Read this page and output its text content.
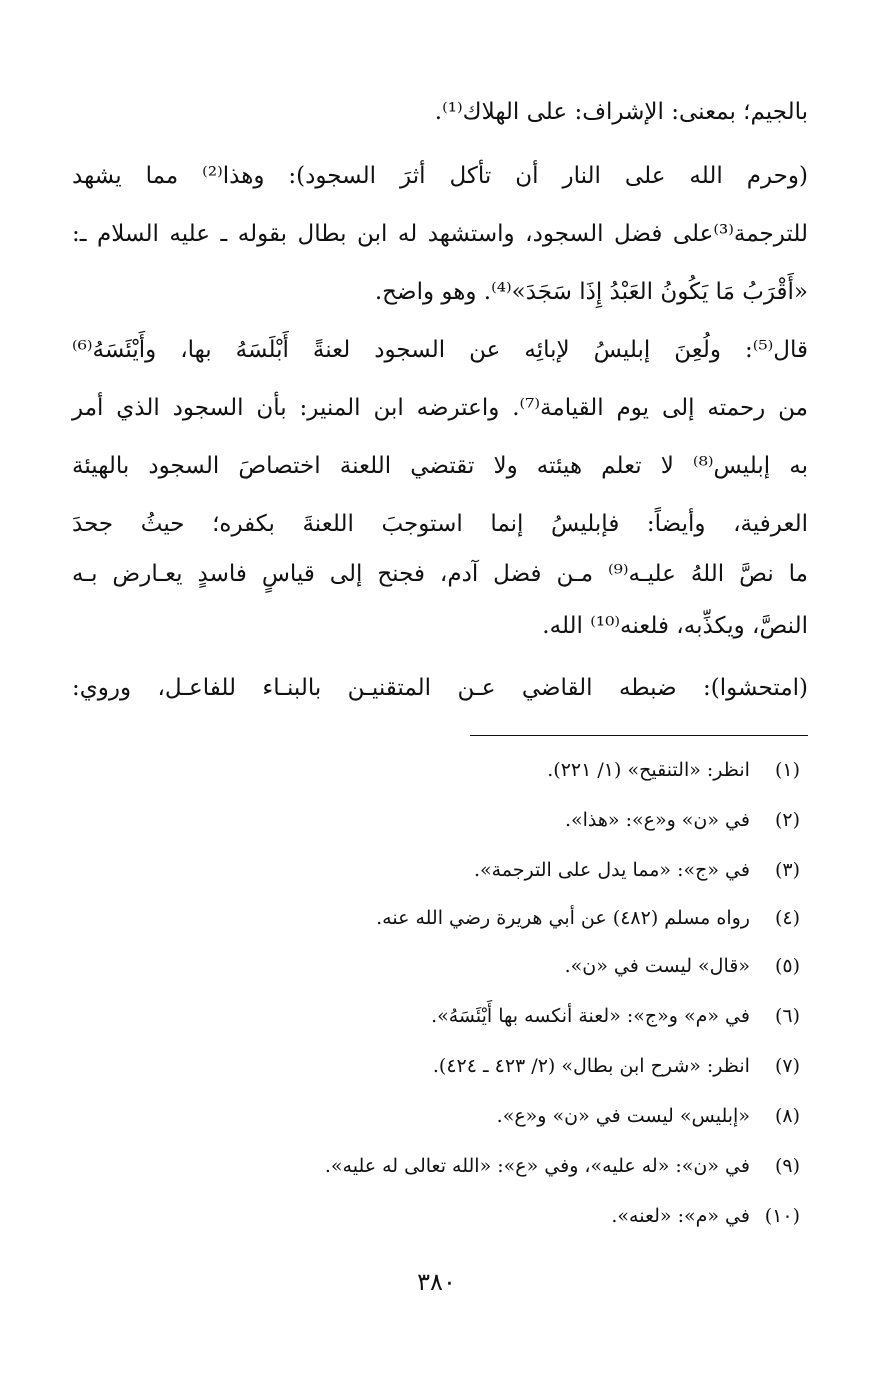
بالجيم؛ بمعنى: الإشراف: على الهلاك⁽¹⁾.
(وحرم الله على النار أن تأكل أثرَ السجود): وهذا⁽²⁾ مما يشهد
للترجمة⁽³⁾على فضل السجود، واستشهد له ابن بطال بقوله ـ عليه السلام ـ:
«أَقْرَبُ مَا يَكُونُ العَبْدُ إِذَا سَجَدَ»⁽⁴⁾. وهو واضح.
قال⁽⁵⁾: ولُعِنَ إبليسُ لإبائِه عن السجود لعنةً أَبْلَسَهُ بها، وأَيْئَسَهُ⁽⁶⁾
من رحمته إلى يوم القيامة⁽⁷⁾. واعترضه ابن المنير: بأن السجود الذي أمر
به إبليس⁽⁸⁾ لا تعلم هيئته ولا تقتضي اللعنة اختصاصَ السجود بالهيئة
العرفية، وأيضاً: فإبليسُ إنما استوجبَ اللعنةَ بكفره؛ حيثُ جحدَ
ما نصَّ اللهُ عليـه⁽⁹⁾ مـن فضل آدم، فجنح إلى قياسٍ فاسدٍ يعـارض بـه
النصَّ، ويكذِّبه، فلعنه⁽¹⁰⁾ الله.
(امتحشوا): ضبطه القاضي عـن المتقنيـن بالبنـاء للفاعـل، وروي:
(١) انظر: «التنقيح» (١/ ٢٢١).
(٢) في «ن» و«ع»: «هذا».
(٣) في «ج»: «مما يدل على الترجمة».
(٤) رواه مسلم (٤٨٢) عن أبي هريرة رضي الله عنه.
(٥) «قال» ليست في «ن».
(٦) في «م» و«ج»: «لعنة أنكسه بها أَيْئَسَهُ».
(٧) انظر: «شرح ابن بطال» (٢/ ٤٢٣ ـ ٤٢٤).
(٨) «إبليس» ليست في «ن» و«ع».
(٩) في «ن»: «له عليه»، وفي «ع»: «الله تعالى له عليه».
(١٠) في «م»: «لعنه».
٣٨٠
